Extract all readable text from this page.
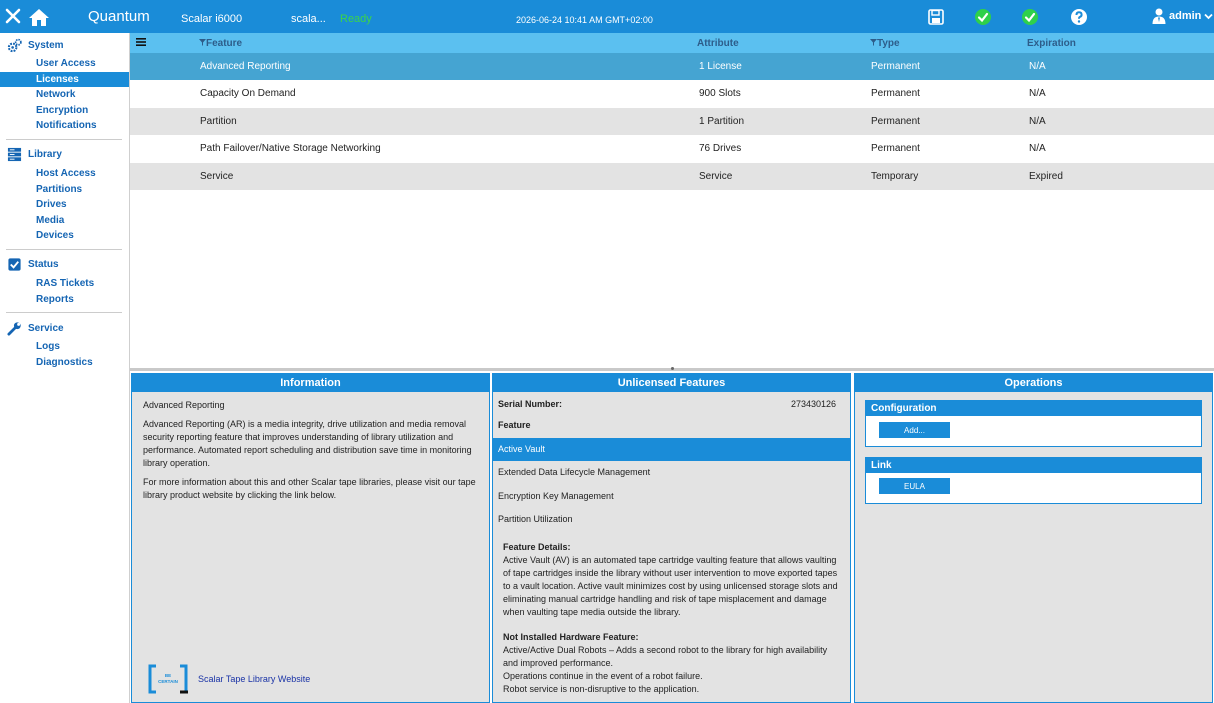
Quantum	Scalar i6000	scala... Ready	2026-06-24 10:41 AM GMT+02:00	admin
System
User Access
Licenses
Network
Encryption
Notifications
Library
Host Access
Partitions
Drives
Media
Devices
Status
RAS Tickets
Reports
Service
Logs
Diagnostics
Feature	Attribute	Type	Expiration
Advanced Reporting	1 License	Permanent	N/A
Capacity On Demand	900 Slots	Permanent	N/A
Partition	1 Partition	Permanent	N/A
Path Failover/Native Storage Networking	76 Drives	Permanent	N/A
Service	Service	Temporary	Expired
Information

Advanced Reporting

Advanced Reporting (AR) is a media integrity, drive utilization and media removal security reporting feature that improves understanding of library utilization and performance. Automated report scheduling and distribution save time in monitoring library operation.

For more information about this and other Scalar tape libraries, please visit our tape library product website by clicking the link below.

BE
CERTAIN Scalar Tape Library Website
Unlicensed Features
Serial Number:	273430126
Feature
Active Vault
Extended Data Lifecycle Management
Encryption Key Management
Partition Utilization
Feature Details:
Active Vault (AV) is an automated tape cartridge vaulting feature that allows vaulting of tape cartridges inside the library without user intervention to move exported tapes to a vault location. Active vault minimizes cost by using unlicensed storage slots and eliminating manual cartridge handling and risk of tape misplacement and damage when vaulting tape media outside the library.
Not Installed Hardware Feature:
Active/Active Dual Robots – Adds a second robot to the library for high availability and improved performance.
Operations continue in the event of a robot failure.
Robot service is non-disruptive to the application.
Operations
Configuration
Add...
Link
EULA
